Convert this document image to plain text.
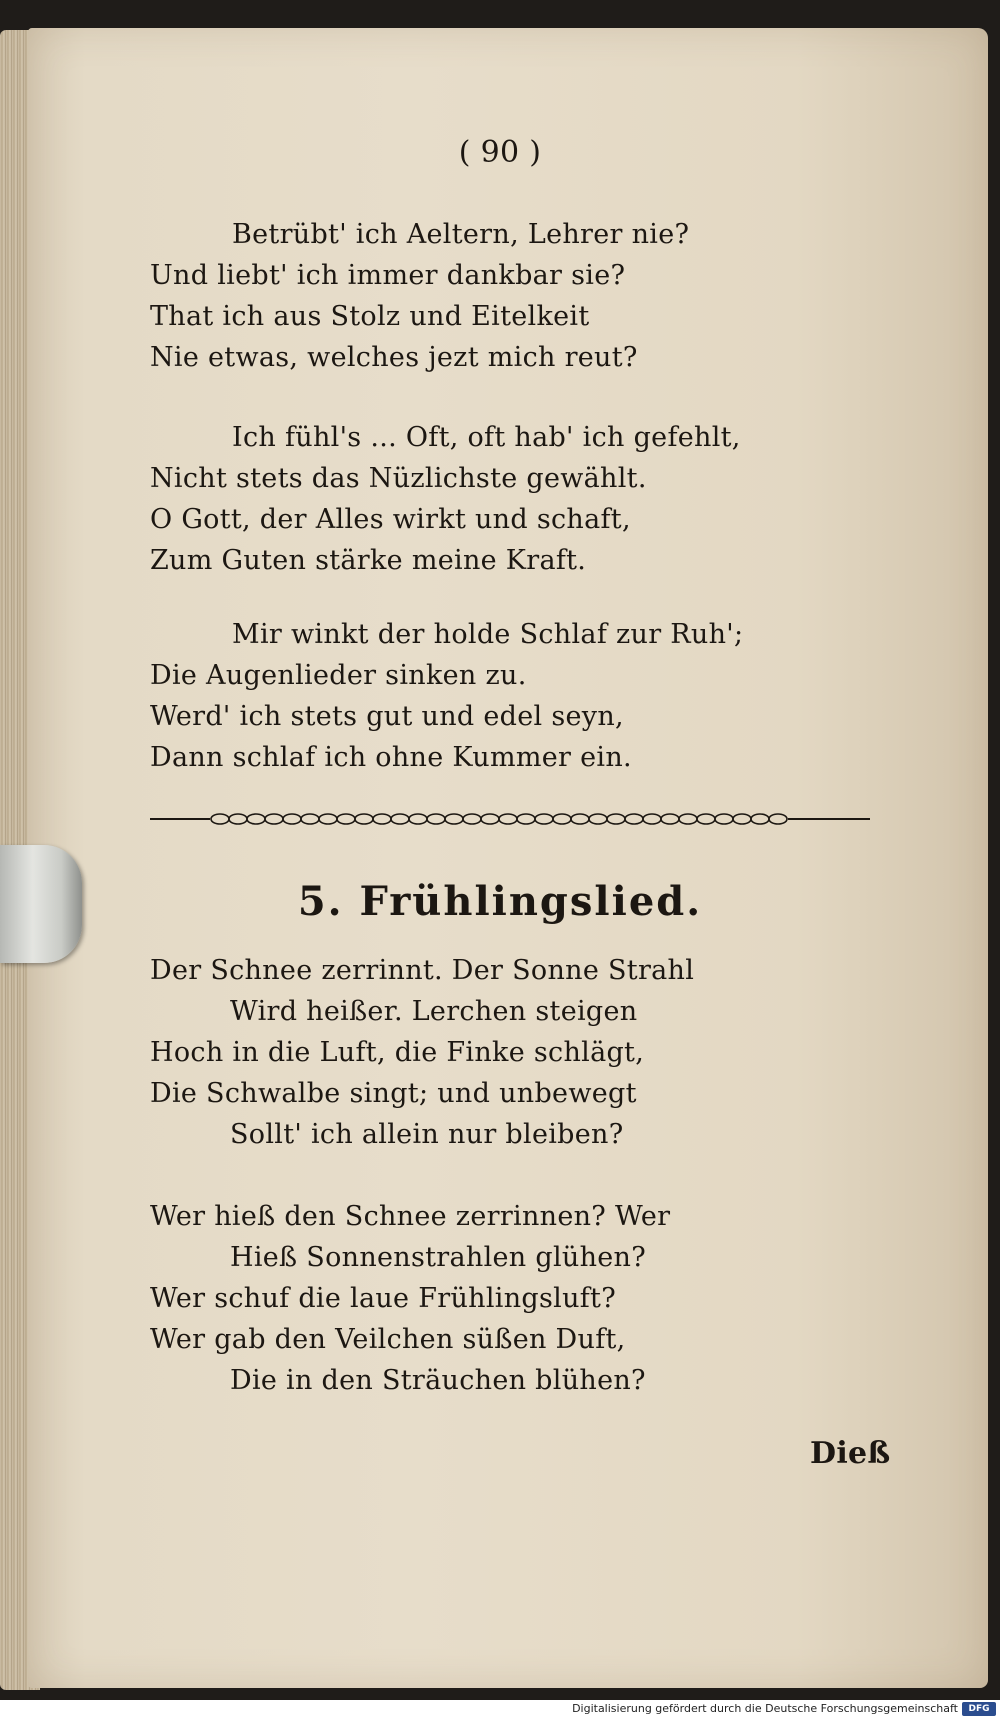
( 90 )
Betrübt' ich Aeltern, Lehrer nie?
Und liebt' ich immer dankbar sie?
That ich aus Stolz und Eitelkeit
Nie etwas, welches jezt mich reut?
Ich fühl's ... Oft, oft hab' ich gefehlt,
Nicht stets das Nüzlichste gewählt.
O Gott, der Alles wirkt und schaft,
Zum Guten stärke meine Kraft.
Mir winkt der holde Schlaf zur Ruh';
Die Augenlieder sinken zu.
Werd' ich stets gut und edel seyn,
Dann schlaf ich ohne Kummer ein.
5. Frühlingslied.
Der Schnee zerrinnt. Der Sonne Strahl
Wird heißer. Lerchen steigen
Hoch in die Luft, die Finke schlägt,
Die Schwalbe singt; und unbewegt
Sollt' ich allein nur bleiben?
Wer hieß den Schnee zerrinnen? Wer
Hieß Sonnenstrahlen glühen?
Wer schuf die laue Frühlingsluft?
Wer gab den Veilchen süßen Duft,
Die in den Sträuchen blühen?
Dieß
Digitalisierung gefördert durch die Deutsche Forschungsgemeinschaft	DFG
